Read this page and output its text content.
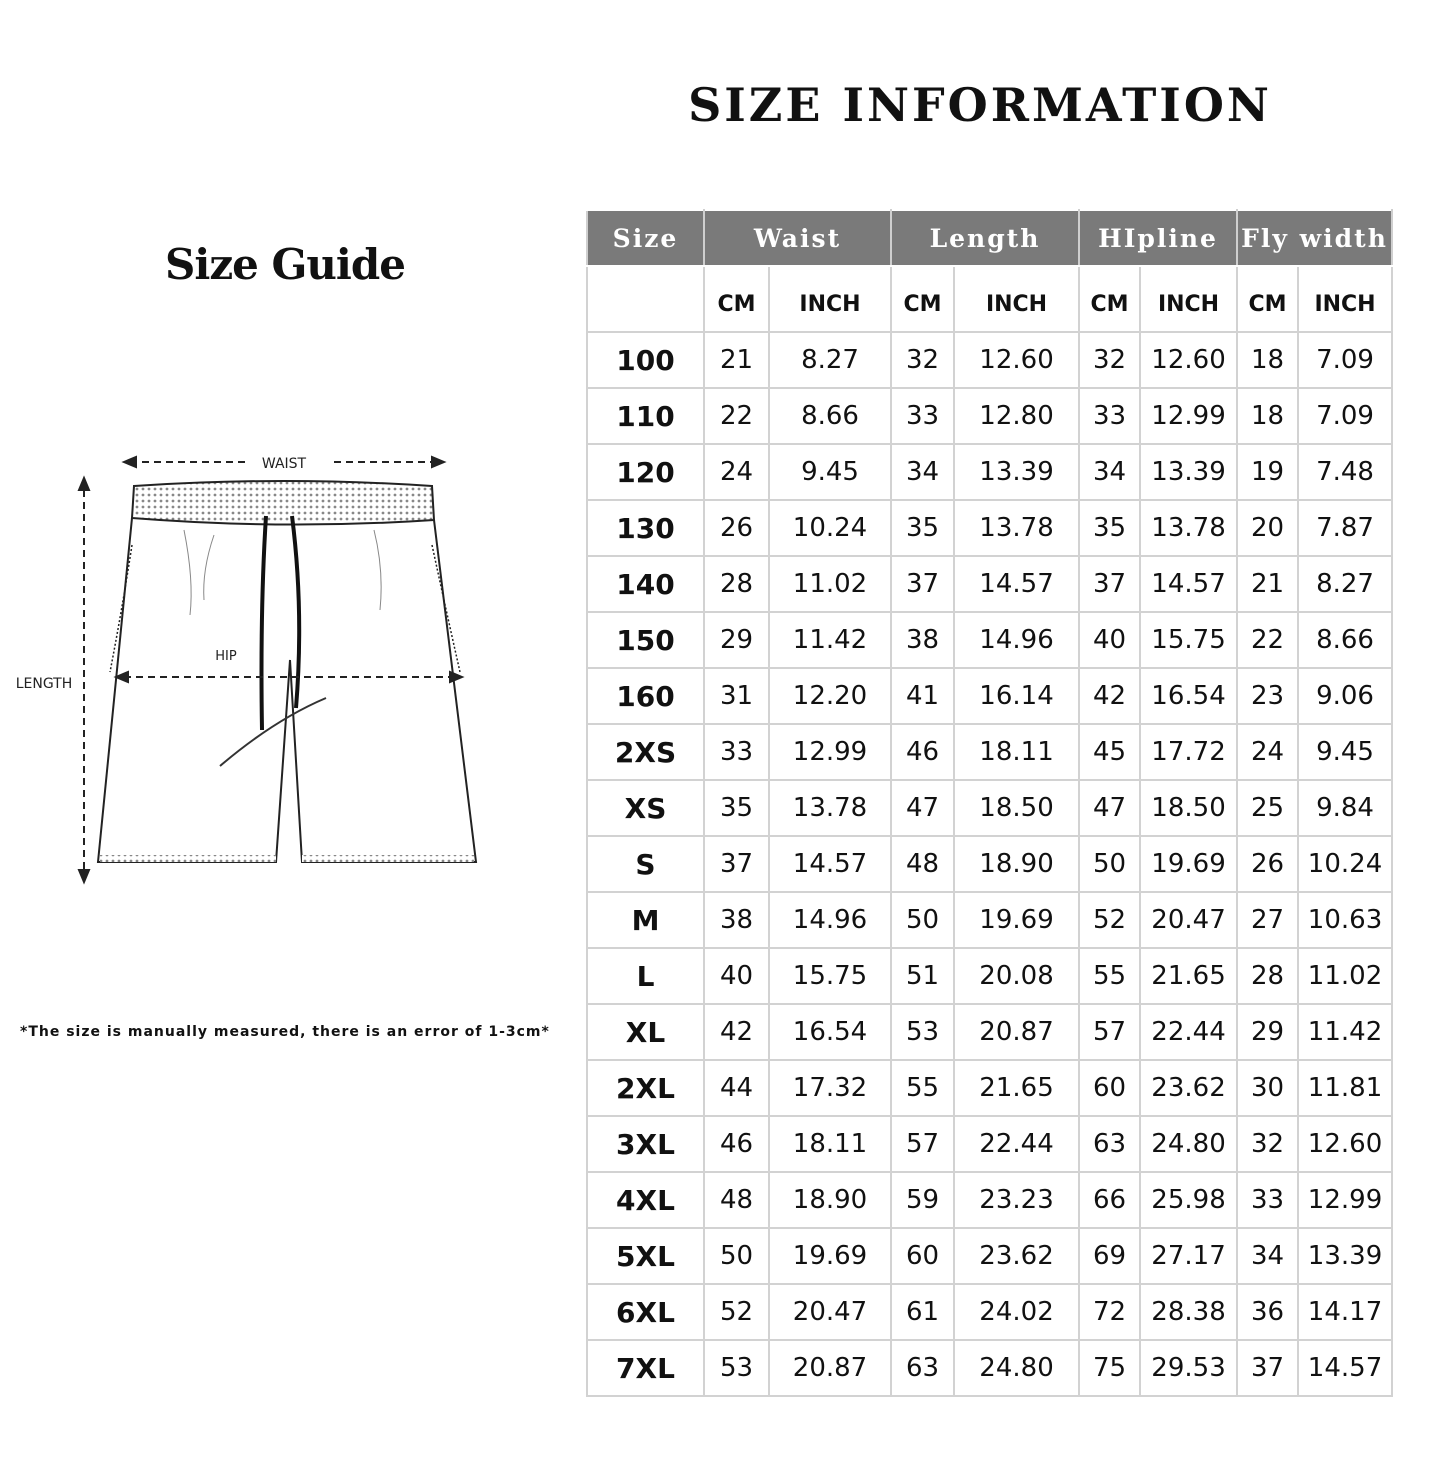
SIZE INFORMATION
Size Guide
WAIST
LENGTH
HIP
*The size is manually measured, there is an error of 1-3cm*
Size	Waist		Length		HIpline		Fly width	
	CM	INCH	CM	INCH	CM	INCH	CM	INCH
100	21	8.27	32	12.60	32	12.60	18	7.09
110	22	8.66	33	12.80	33	12.99	18	7.09
120	24	9.45	34	13.39	34	13.39	19	7.48
130	26	10.24	35	13.78	35	13.78	20	7.87
140	28	11.02	37	14.57	37	14.57	21	8.27
150	29	11.42	38	14.96	40	15.75	22	8.66
160	31	12.20	41	16.14	42	16.54	23	9.06
2XS	33	12.99	46	18.11	45	17.72	24	9.45
XS	35	13.78	47	18.50	47	18.50	25	9.84
S	37	14.57	48	18.90	50	19.69	26	10.24
M	38	14.96	50	19.69	52	20.47	27	10.63
L	40	15.75	51	20.08	55	21.65	28	11.02
XL	42	16.54	53	20.87	57	22.44	29	11.42
2XL	44	17.32	55	21.65	60	23.62	30	11.81
3XL	46	18.11	57	22.44	63	24.80	32	12.60
4XL	48	18.90	59	23.23	66	25.98	33	12.99
5XL	50	19.69	60	23.62	69	27.17	34	13.39
6XL	52	20.47	61	24.02	72	28.38	36	14.17
7XL	53	20.87	63	24.80	75	29.53	37	14.57
